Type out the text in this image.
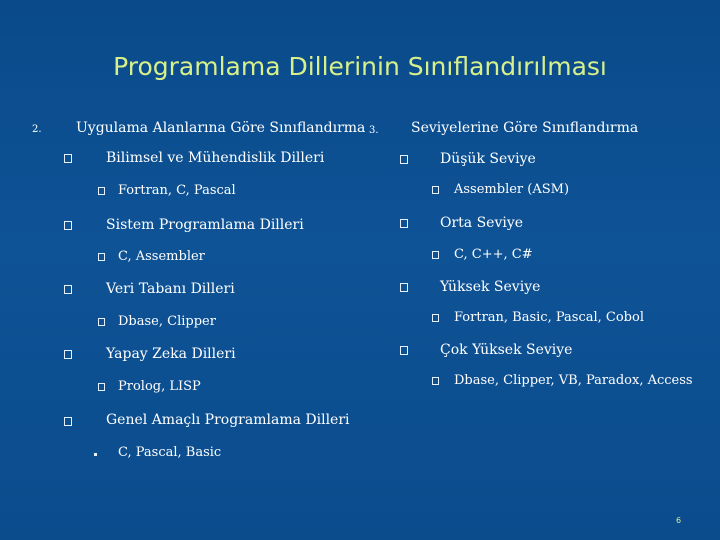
Programlama Dillerinin Sınıflandırılması
2. Uygulama Alanlarına Göre Sınıflandırma
Bilimsel ve Mühendislik Dilleri
Fortran, C, Pascal
Sistem Programlama Dilleri
C, Assembler
Veri Tabanı Dilleri
Dbase, Clipper
Yapay Zeka Dilleri
Prolog, LISP
Genel Amaçlı Programlama Dilleri
C, Pascal, Basic
3. Seviyelerine Göre Sınıflandırma
Düşük Seviye
Assembler (ASM)
Orta Seviye
C, C++, C#
Yüksek Seviye
Fortran, Basic, Pascal, Cobol
Çok Yüksek Seviye
Dbase, Clipper, VB, Paradox, Access
6
